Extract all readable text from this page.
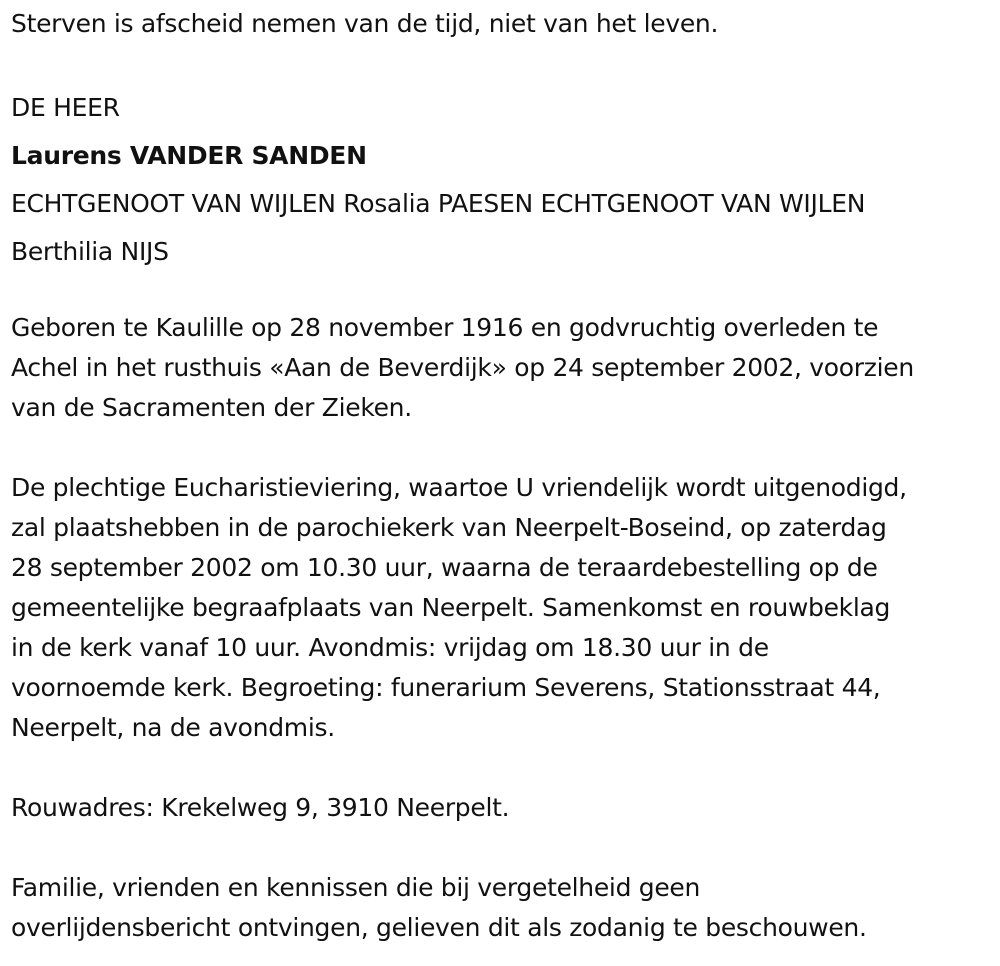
Sterven is afscheid nemen van de tijd, niet van het leven.

DE HEER

Laurens VANDER SANDEN

ECHTGENOOT VAN WIJLEN Rosalia PAESEN ECHTGENOOT VAN WIJLEN

Berthilia NIJS

Geboren te Kaulille op 28 november 1916 en godvruchtig overleden te

Achel in het rusthuis «Aan de Beverdijk» op 24 september 2002, voorzien

van de Sacramenten der Zieken.

De plechtige Eucharistieviering, waartoe U vriendelijk wordt uitgenodigd,

zal plaatshebben in de parochiekerk van Neerpelt-Boseind, op zaterdag

28 september 2002 om 10.30 uur, waarna de teraardebestelling op de

gemeentelijke begraafplaats van Neerpelt. Samenkomst en rouwbeklag

in de kerk vanaf 10 uur. Avondmis: vrijdag om 18.30 uur in de

voornoemde kerk. Begroeting: funerarium Severens, Stationsstraat 44,

Neerpelt, na de avondmis.

Rouwadres: Krekelweg 9, 3910 Neerpelt.

Familie, vrienden en kennissen die bij vergetelheid geen

overlijdensbericht ontvingen, gelieven dit als zodanig te beschouwen.
